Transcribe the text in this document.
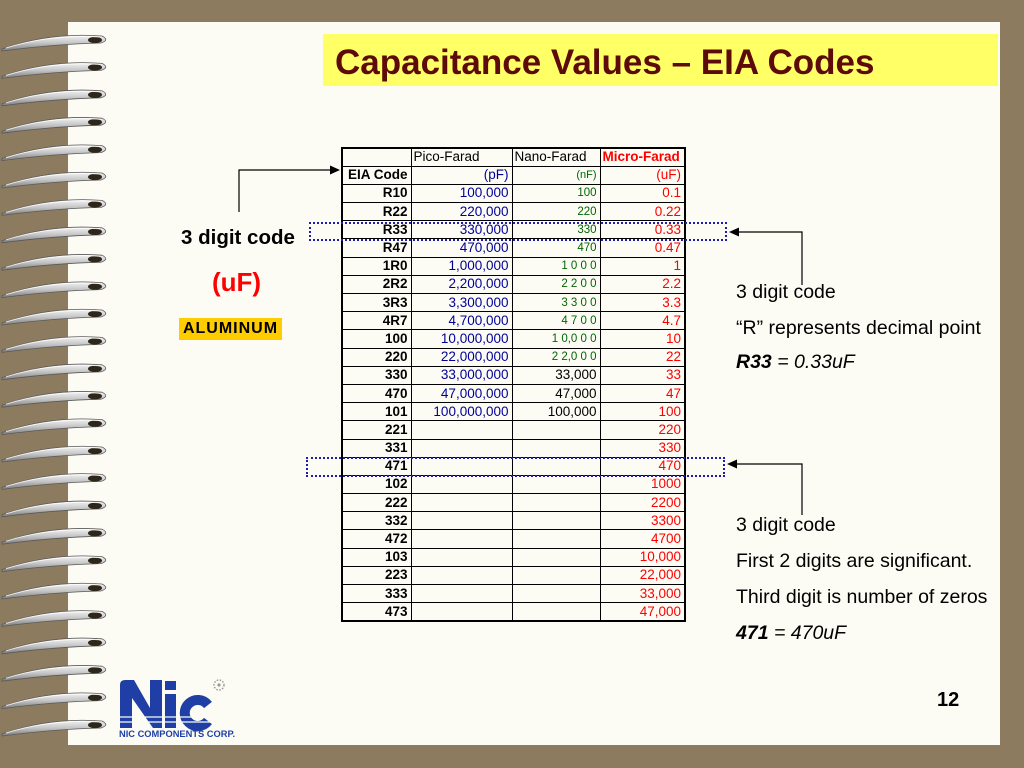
Capacitance Values – EIA Codes
3 digit code
(uF)
ALUMINUM
	Pico-Farad	Nano-Farad	Micro-Farad
EIA Code	(pF)	(nF)	(uF)
R10	100,000	100	0.1
R22	220,000	220	0.22
R33	330,000	330	0.33
R47	470,000	470	0.47
1R0	1,000,000	1 0 0 0	1
2R2	2,200,000	2 2 0 0	2.2
3R3	3,300,000	3 3 0 0	3.3
4R7	4,700,000	4 7 0 0	4.7
100	10,000,000	1 0,0 0 0	10
220	22,000,000	2 2,0 0 0	22
330	33,000,000	33,000	33
470	47,000,000	47,000	47
101	100,000,000	100,000	100
221			220
331			330
471			470
102			1000
222			2200
332			3300
472			4700
103			10,000
223			22,000
333			33,000
473			47,000
3 digit code
“R” represents decimal point
R33 = 0.33uF
3 digit code
First 2 digits are significant.
Third digit is number of zeros
471 = 470uF
12
NIC COMPONENTS CORP.
